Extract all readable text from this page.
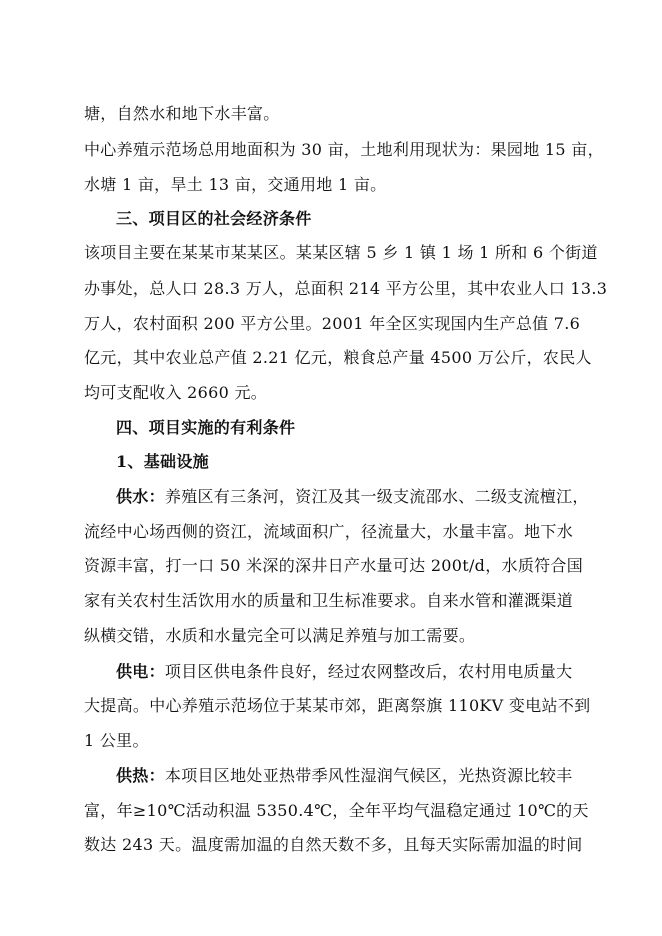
塘，自然水和地下水丰富。
中心养殖示范场总用地面积为 30 亩，土地利用现状为：果园地 15 亩，
水塘 1 亩，旱土 13 亩，交通用地 1 亩。
三、项目区的社会经济条件
该项目主要在某某市某某区。某某区辖 5 乡 1 镇 1 场 1 所和 6 个街道
办事处，总人口 28.3 万人，总面积 214 平方公里，其中农业人口 13.3
万人，农村面积 200 平方公里。2001 年全区实现国内生产总值 7.6
亿元，其中农业总产值 2.21 亿元，粮食总产量 4500 万公斤，农民人
均可支配收入 2660 元。
四、项目实施的有利条件
1、基础设施
供水：养殖区有三条河，资江及其一级支流邵水、二级支流檀江，
流经中心场西侧的资江，流域面积广，径流量大，水量丰富。地下水
资源丰富，打一口 50 米深的深井日产水量可达 200t/d，水质符合国
家有关农村生活饮用水的质量和卫生标准要求。自来水管和灌溉渠道
纵横交错，水质和水量完全可以满足养殖与加工需要。
供电：项目区供电条件良好，经过农网整改后，农村用电质量大
大提高。中心养殖示范场位于某某市郊，距离祭旗 110KV 变电站不到
1 公里。
供热：本项目区地处亚热带季风性湿润气候区，光热资源比较丰
富，年≥10℃活动积温 5350.4℃，全年平均气温稳定通过 10℃的天
数达 243 天。温度需加温的自然天数不多，且每天实际需加温的时间
